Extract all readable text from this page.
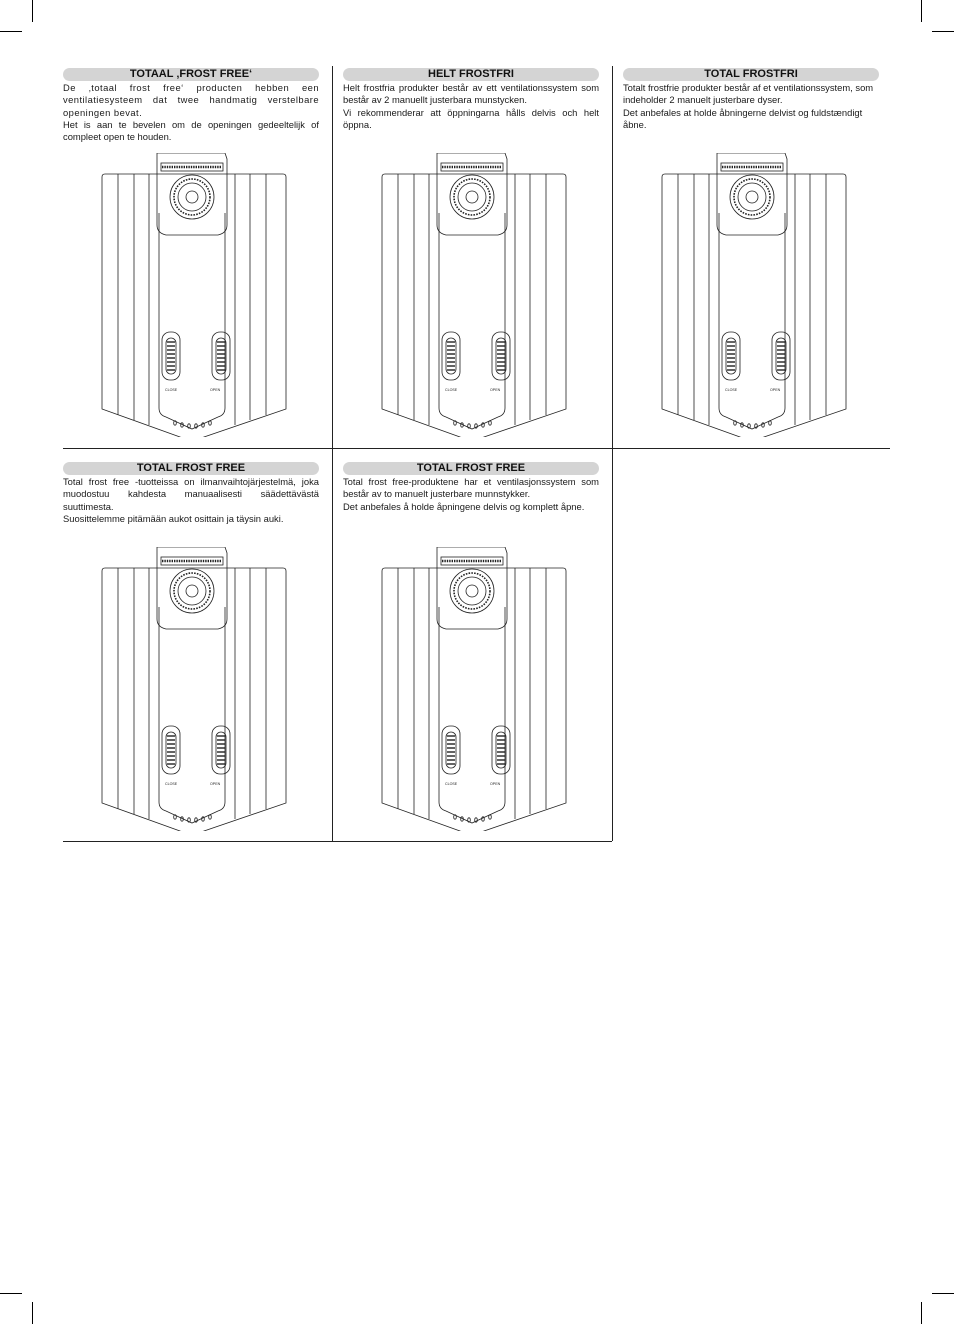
TOTAAL ‚FROST FREE‘

De ‚totaal frost free‘ producten hebben een ventilatiesysteem dat twee handmatig verstelbare openingen bevat.
Het is aan te bevelen om de openingen gedeeltelijk of compleet open te houden.

HELT FROSTFRI

Helt frostfria produkter består av ett ventilationssystem som består av 2 manuellt justerbara munstycken.
Vi rekommenderar att öppningarna hålls delvis och helt öppna.

TOTAL FROSTFRI

Totalt frostfrie produkter består af et ventilationssystem, som indeholder 2 manuelt justerbare dyser.
Det anbefales at holde åbningerne delvist og fuldstændigt åbne.

TOTAL FROST FREE

Total frost free -tuotteissa on ilmanvaihtojärjestelmä, joka muodostuu kahdesta manuaalisesti säädettävästä suuttimesta.
Suosittelemme pitämään aukot osittain ja täysin auki.

TOTAL FROST FREE

Total frost free-produktene har et ventilasjonssystem som består av to manuelt justerbare munnstykker.
Det anbefales å holde åpningene delvis og komplett åpne.

CLOSE	OPEN	CLOSE	OPEN	CLOSE	OPEN
CLOSE	OPEN	CLOSE	OPEN
